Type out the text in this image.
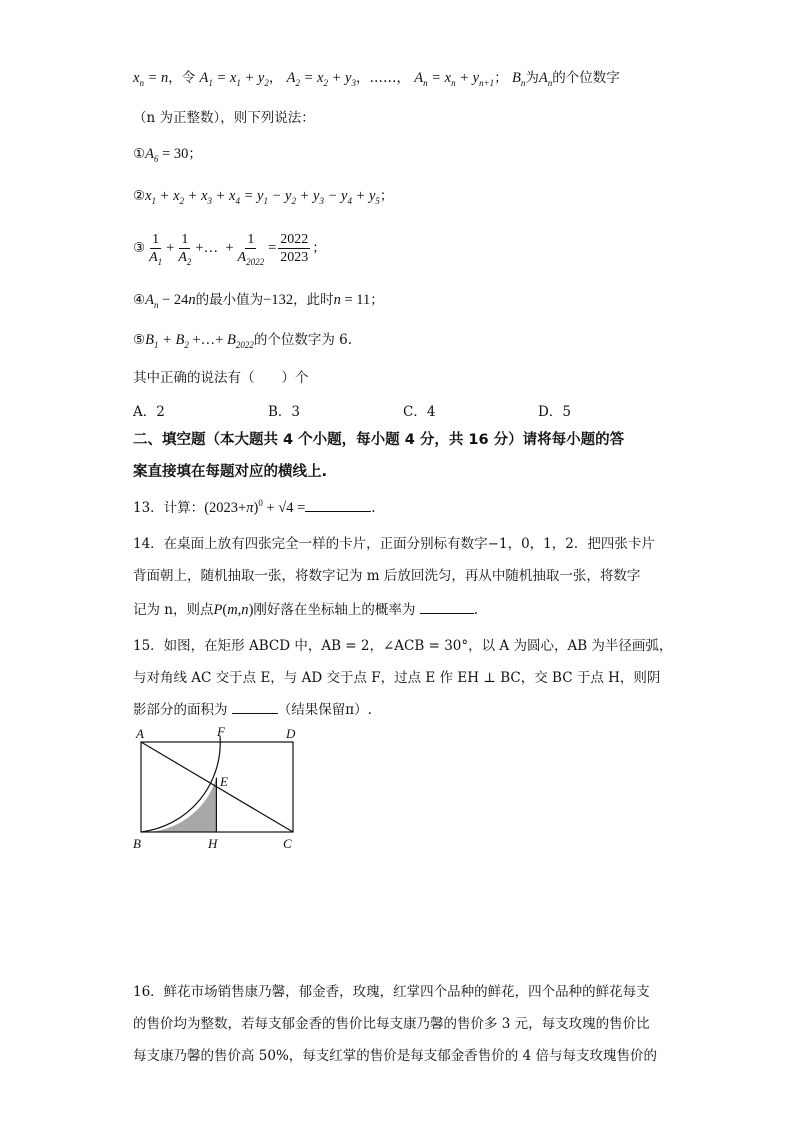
$x_n = n$，令 $A_1 = x_1 + y_2$， $A_2 = x_2 + y_3$，……， $A_n = x_n + y_{n+1}$； $B_n$为$A_n$的个位数字
（n 为正整数），则下列说法：
$①A_6 = 30$；
$②x_1 + x_2 + x_3 + x_4 = y_1 - y_2 + y_3 - y_4 + y_5$；
③ $\frac{1}{A_1} + \frac{1}{A_2}$ +…  + $\frac{1}{A_{2022}} = \frac{2022}{2023}$ ；
$④A_n - 24n$的最小值为−132，此时n = 11；
$⑤B_1 + B_2$ +…+ $B_{2022}$的个位数字为 6.
其中正确的说法有（　　）个
A．2	B．3	C．4	D．5
二、填空题（本大题共 4 个小题，每小题 4 分，共 16 分）请将每小题的答
案直接填在每题对应的横线上.
13．计算：$(2023+\pi)^0 + √4$ =	.
14．在桌面上放有四张完全一样的卡片，正面分别标有数字−1，0，1，2．把四张卡片
背面朝上，随机抽取一张，将数字记为 m 后放回洗匀，再从中随机抽取一张，将数字
记为 n，则点P(m,n)刚好落在坐标轴上的概率为	.
15．如图，在矩形 ABCD 中，AB = 2，∠ACB = 30°，以 A 为圆心，AB 为半径画弧，
与对角线 AC 交于点 E，与 AD 交于点 F，过点 E 作 EH ⊥ BC，交 BC 于点 H，则阴
影部分的面积为	（结果保留π）.
A	F	D
E
B	H	C
16．鲜花市场销售康乃馨，郁金香，玫瑰，红掌四个品种的鲜花，四个品种的鲜花每支
的售价均为整数，若每支郁金香的售价比每支康乃馨的售价多 3 元，每支玫瑰的售价比
每支康乃馨的售价高 50%，每支红掌的售价是每支郁金香售价的 4 倍与每支玫瑰售价的
